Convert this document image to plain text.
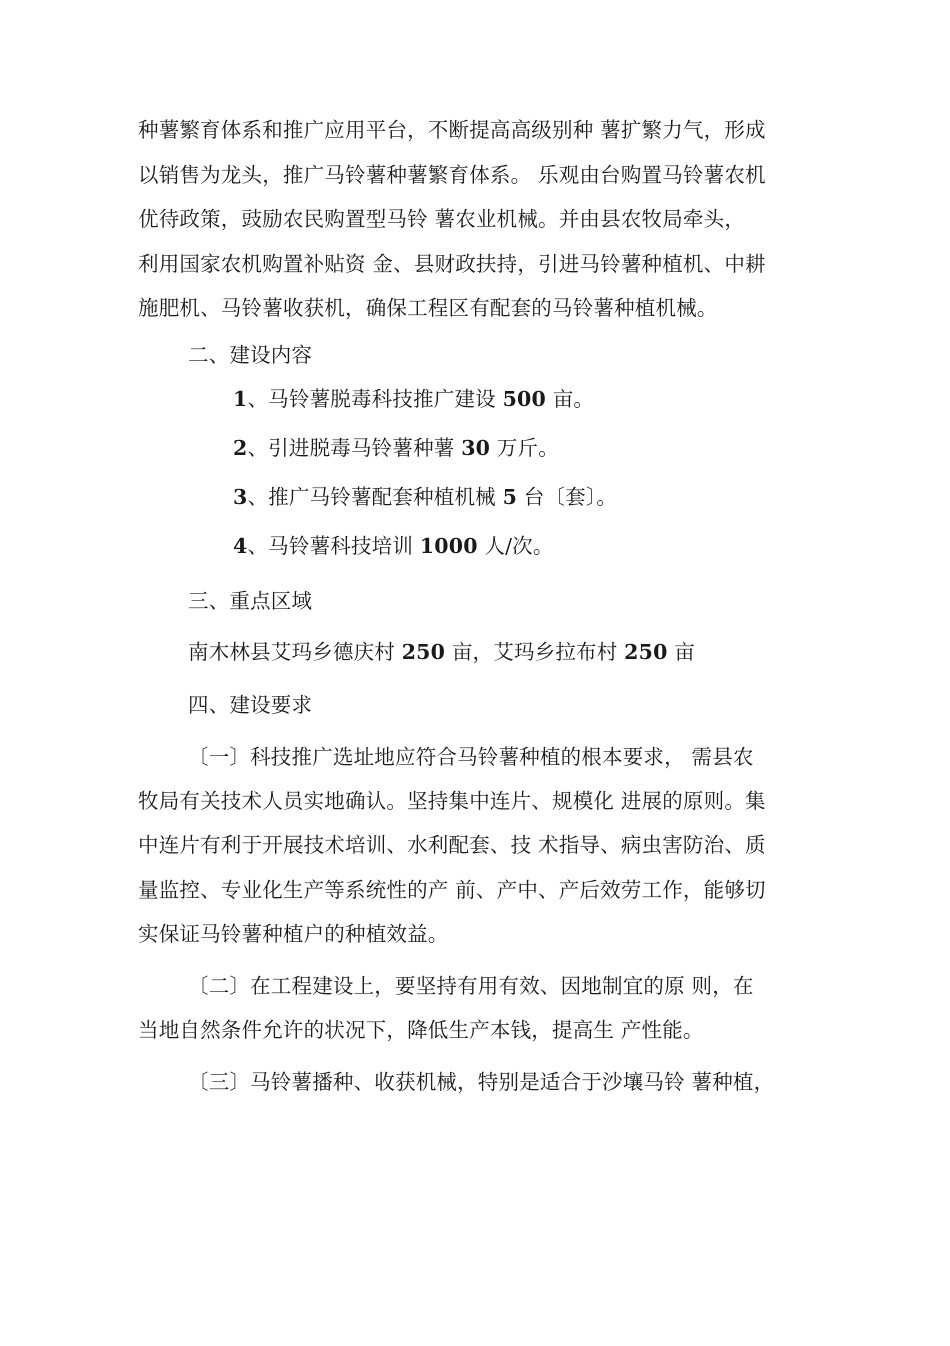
种薯繁育体系和推广应用平台，不断提高高级别种 薯扩繁力气，形成
以销售为龙头，推广马铃薯种薯繁育体系。 乐观由台购置马铃薯农机
优待政策，豉励农民购置型马铃 薯农业机械。并由县农牧局牵头，
利用国家农机购置补贴资 金、县财政扶持，引进马铃薯种植机、中耕
施肥机、马铃薯收获机，确保工程区有配套的马铃薯种植机械。
二、建设内容
1、马铃薯脱毒科技推广建设 500 亩。
2、引进脱毒马铃薯种薯 30 万斤。
3、推广马铃薯配套种植机械 5 台〔套〕。
4、马铃薯科技培训 1000 人/次。
三、重点区域
南木林县艾玛乡德庆村 250 亩，艾玛乡拉布村 250 亩
四、建设要求
〔一〕科技推广选址地应符合马铃薯种植的根本要求， 需县农
牧局有关技术人员实地确认。坚持集中连片、规模化 进展的原则。集
中连片有利于开展技术培训、水利配套、技 术指导、病虫害防治、质
量监控、专业化生产等系统性的产 前、产中、产后效劳工作，能够切
实保证马铃薯种植户的种植效益。
〔二〕在工程建设上，要坚持有用有效、因地制宜的原 则，在
当地自然条件允许的状况下，降低生产本钱，提高生 产性能。
〔三〕马铃薯播种、收获机械，特别是适合于沙壤马铃 薯种植，
